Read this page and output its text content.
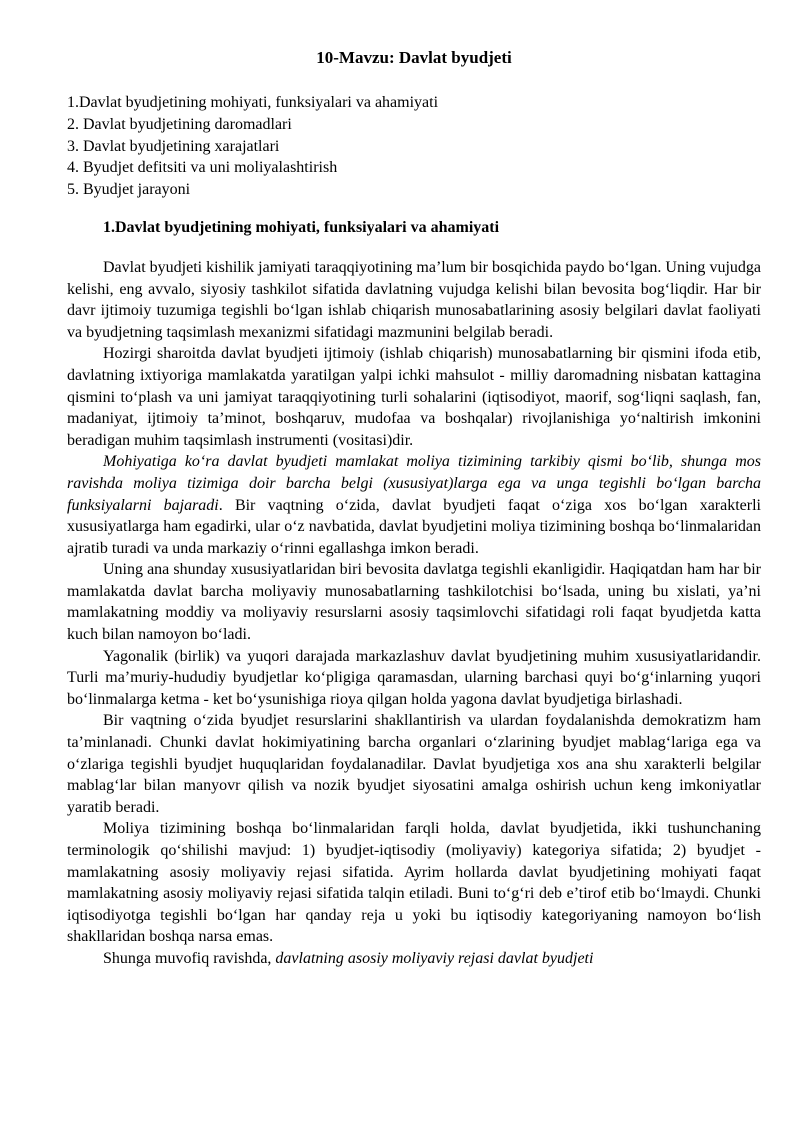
10-Mavzu: Davlat byudjeti
1.Davlat byudjetining mohiyati, funksiyalari va ahamiyati
2. Davlat byudjetining daromadlari
3. Davlat byudjetining xarajatlari
4. Byudjet defitsiti va uni moliyalashtirish
5. Byudjet jarayoni
1.Davlat byudjetining mohiyati, funksiyalari va ahamiyati

Davlat byudjeti kishilik jamiyati taraqqiyotining ma’lum bir bosqichida paydo bo‘lgan. Uning vujudga kelishi, eng avvalo, siyosiy tashkilot sifatida davlatning vujudga kelishi bilan bevosita bog‘liqdir. Har bir davr ijtimoiy tuzumiga tegishli bo‘lgan ishlab chiqarish munosabatlarining asosiy belgilari davlat faoliyati va byudjetning taqsimlash mexanizmi sifatidagi mazmunini belgilab beradi.

Hozirgi sharoitda davlat byudjeti ijtimoiy (ishlab chiqarish) munosabatlarning bir qismini ifoda etib, davlatning ixtiyoriga mamlakatda yaratilgan yalpi ichki mahsulot - milliy daromadning nisbatan kattagina qismini to‘plash va uni jamiyat taraqqiyotining turli sohalarini (iqtisodiyot, maorif, sog‘liqni saqlash, fan, madaniyat, ijtimoiy ta’minot, boshqaruv, mudofaa va boshqalar) rivojlanishiga yo‘naltirish imkonini beradigan muhim taqsimlash instrumenti (vositasi)dir.

Mohiyatiga ko‘ra davlat byudjeti mamlakat moliya tizimining tarkibiy qismi bo‘lib, shunga mos ravishda moliya tizimiga doir barcha belgi (xususiyat)larga ega va unga tegishli bo‘lgan barcha funksiyalarni bajaradi. Bir vaqtning o‘zida, davlat byudjeti faqat o‘ziga xos bo‘lgan xarakterli xususiyatlarga ham egadirki, ular o‘z navbatida, davlat byudjetini moliya tizimining boshqa bo‘linmalaridan ajratib turadi va unda markaziy o‘rinni egallashga imkon beradi.

Uning ana shunday xususiyatlaridan biri bevosita davlatga tegishli ekanligidir. Haqiqatdan ham har bir mamlakatda davlat barcha moliyaviy munosabatlarning tashkilotchisi bo‘lsada, uning bu xislati, ya’ni mamlakatning moddiy va moliyaviy resurslarni asosiy taqsimlovchi sifatidagi roli faqat byudjetda katta kuch bilan namoyon bo‘ladi.

Yagonalik (birlik) va yuqori darajada markazlashuv davlat byudjetining muhim xususiyatlaridandir. Turli ma’muriy-hududiy byudjetlar ko‘pligiga qaramasdan, ularning barchasi quyi bo‘g‘inlarning yuqori bo‘linmalarga ketma - ket bo‘ysunishiga rioya qilgan holda yagona davlat byudjetiga birlashadi.

Bir vaqtning o‘zida byudjet resurslarini shakllantirish va ulardan foydalanishda demokratizm ham ta’minlanadi. Chunki davlat hokimiyatining barcha organlari o‘zlarining byudjet mablag‘lariga ega va o‘zlariga tegishli byudjet huquqlaridan foydalanadilar. Davlat byudjetiga xos ana shu xarakterli belgilar mablag‘lar bilan manyovr qilish va nozik byudjet siyosatini amalga oshirish uchun keng imkoniyatlar yaratib beradi.

Moliya tizimining boshqa bo‘linmalaridan farqli holda, davlat byudjetida, ikki tushunchaning terminologik qo‘shilishi mavjud: 1) byudjet-iqtisodiy (moliyaviy) kategoriya sifatida; 2) byudjet - mamlakatning asosiy moliyaviy rejasi sifatida. Ayrim hollarda davlat byudjetining mohiyati faqat mamlakatning asosiy moliyaviy rejasi sifatida talqin etiladi. Buni to‘g‘ri deb e’tirof etib bo‘lmaydi. Chunki iqtisodiyotga tegishli bo‘lgan har qanday reja u yoki bu iqtisodiy kategoriyaning namoyon bo‘lish shakllaridan boshqa narsa emas.

Shunga muvofiq ravishda, davlatning asosiy moliyaviy rejasi davlat byudjeti
